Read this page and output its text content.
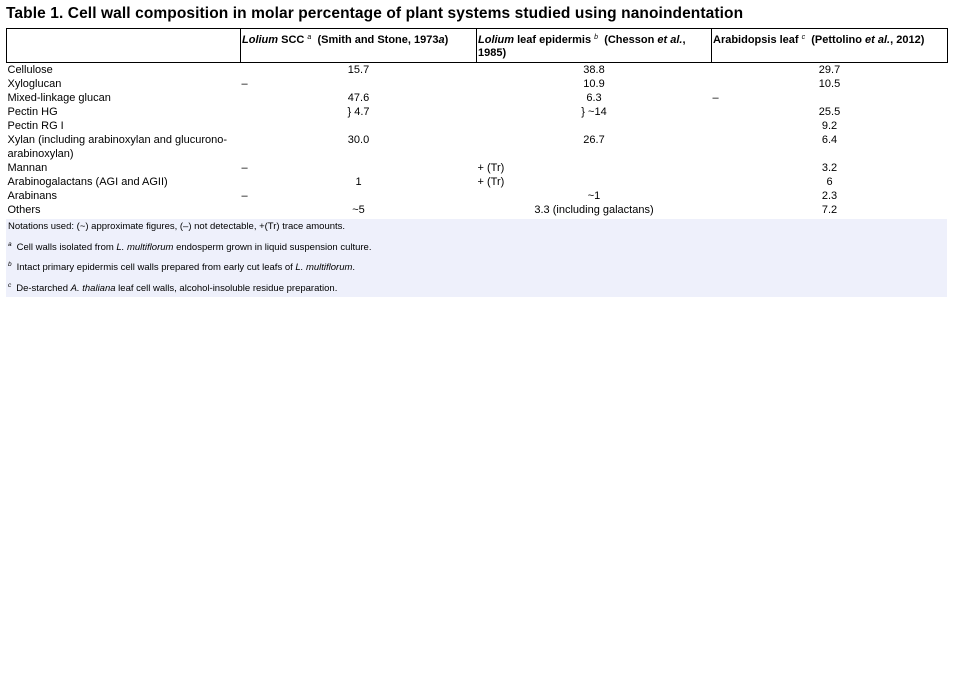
Table 1. Cell wall composition in molar percentage of plant systems studied using nanoindentation
	Lolium SCC $^a$ (Smith and Stone, 1973a)	Lolium leaf epidermis $^b$ (Chesson et al., 1985)	Arabidopsis leaf $^c$ (Pettolino et al., 2012)
Cellulose	15.7	38.8	29.7
Xyloglucan	–	10.9	10.5
Mixed-linkage glucan	47.6	6.3	–
Pectin HG	} 4.7	} ~14	25.5
Pectin RG I			9.2
Xylan (including arabinoxylan and glucurono-arabinoxylan)	30.0	26.7	6.4
Mannan	–	+ (Tr)	3.2
Arabinogalactans (AGI and AGII)	1	+ (Tr)	6
Arabinans	–	~1	2.3
Others	~5	3.3 (including galactans)	7.2
Notations used: (~) approximate figures, (–) not detectable, +(Tr) trace amounts.
$^a$ Cell walls isolated from L. multiflorum endosperm grown in liquid suspension culture.
$^b$ Intact primary epidermis cell walls prepared from early cut leafs of L. multiflorum.
$^c$ De-starched A. thaliana leaf cell walls, alcohol-insoluble residue preparation.
